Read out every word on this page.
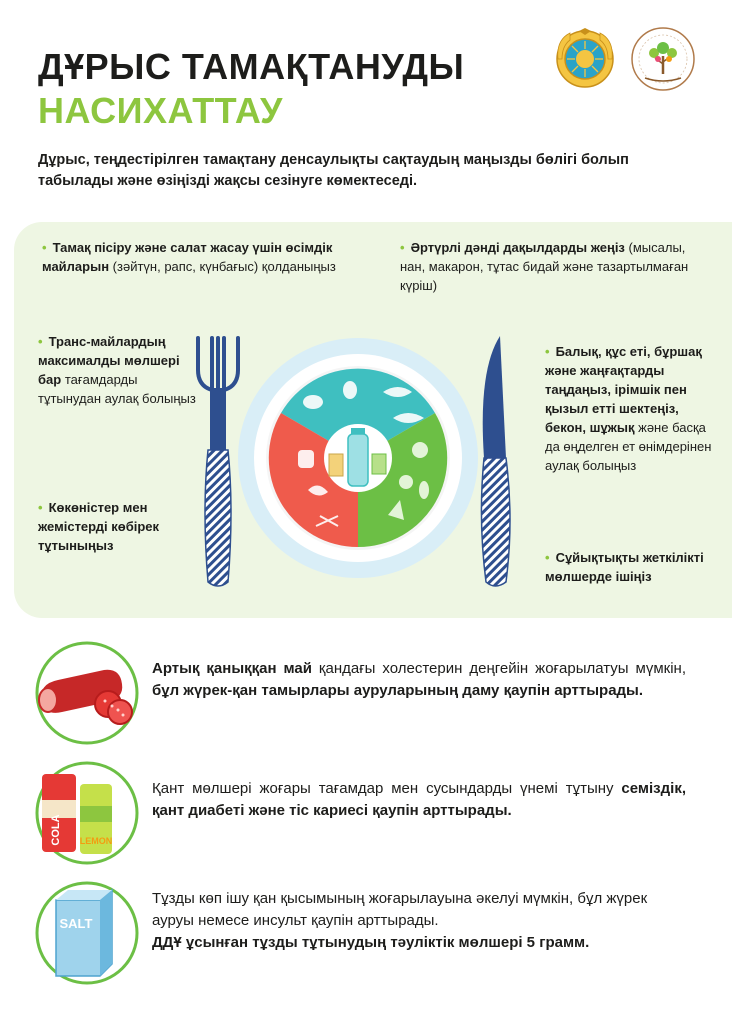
ДҰРЫС ТАМАҚТАНУДЫ
НАСИХАТТАУ
Дұрыс, теңдестірілген тамақтану денсаулықты сақтаудың маңызды бөлігі болып табылады және өзіңізді жақсы сезінуге көмектеседі.
• Тамақ пісіру және салат жасау үшін өсімдік майларын (зәйтүн, рапс, күнбағыс) қолданыңыз
• Әртүрлі дәнді дақылдарды жеңіз (мысалы, нан, макарон, тұтас бидай және тазартылмаған күріш)
• Транс-майлардың максималды мөлшері бар тағамдарды тұтынудан аулақ болыңыз
• Көкөністер мен жемістерді көбірек тұтыныңыз
• Балық, құс еті, бұршақ және жаңғақтарды таңдаңыз, ірімшік пен қызыл етті шектеңіз, бекон, шұжық және басқа да өңделген ет өнімдерінен аулақ болыңыз
• Сұйықтықты жеткілікті мөлшерде ішіңіз
Артық қаныққан май қандағы холестерин деңгейін жоғарылатуы мүмкін, бұл жүрек-қан тамырлары ауруларының даму қаупін арттырады.
COLA LEMON
Қант мөлшері жоғары тағамдар мен сусындарды үнемі тұтыну семіздік, қант диабеті және тіс кариесі қаупін арттырады.
SALT
Тұзды көп ішу қан қысымының жоғарылауына әкелуі мүмкін, бұл жүрек ауруы немесе инсульт қаупін арттырады.
ДДҰ ұсынған тұзды тұтынудың тәуліктік мөлшері 5 грамм.
